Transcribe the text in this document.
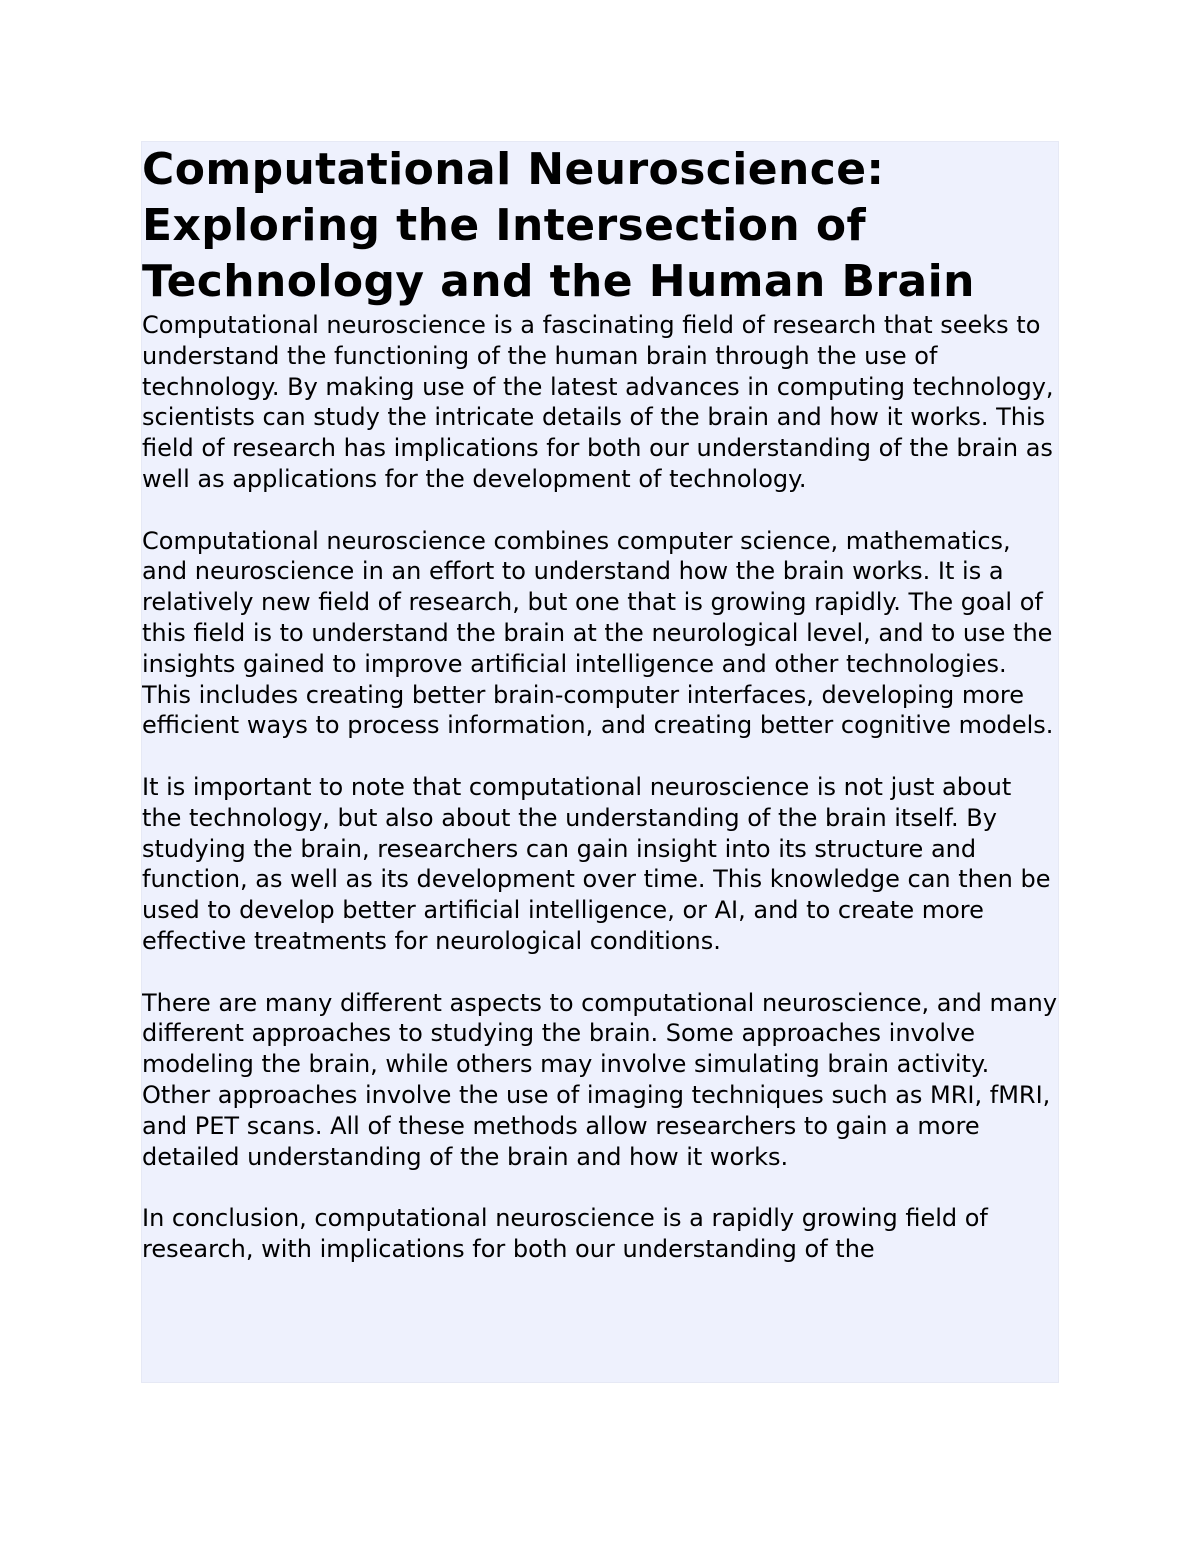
Computational Neuroscience: Exploring the Intersection of Technology and the Human Brain

Computational neuroscience is a fascinating field of research that seeks to understand the functioning of the human brain through the use of technology. By making use of the latest advances in computing technology, scientists can study the intricate details of the brain and how it works. This field of research has implications for both our understanding of the brain as well as applications for the development of technology.

Computational neuroscience combines computer science, mathematics, and neuroscience in an effort to understand how the brain works. It is a relatively new field of research, but one that is growing rapidly. The goal of this field is to understand the brain at the neurological level, and to use the insights gained to improve artificial intelligence and other technologies. This includes creating better brain-computer interfaces, developing more efficient ways to process information, and creating better cognitive models.

It is important to note that computational neuroscience is not just about the technology, but also about the understanding of the brain itself. By studying the brain, researchers can gain insight into its structure and function, as well as its development over time. This knowledge can then be used to develop better artificial intelligence, or AI, and to create more effective treatments for neurological conditions.

There are many different aspects to computational neuroscience, and many different approaches to studying the brain. Some approaches involve modeling the brain, while others may involve simulating brain activity. Other approaches involve the use of imaging techniques such as MRI, fMRI, and PET scans. All of these methods allow researchers to gain a more detailed understanding of the brain and how it works.

In conclusion, computational neuroscience is a rapidly growing field of research, with implications for both our understanding of the
